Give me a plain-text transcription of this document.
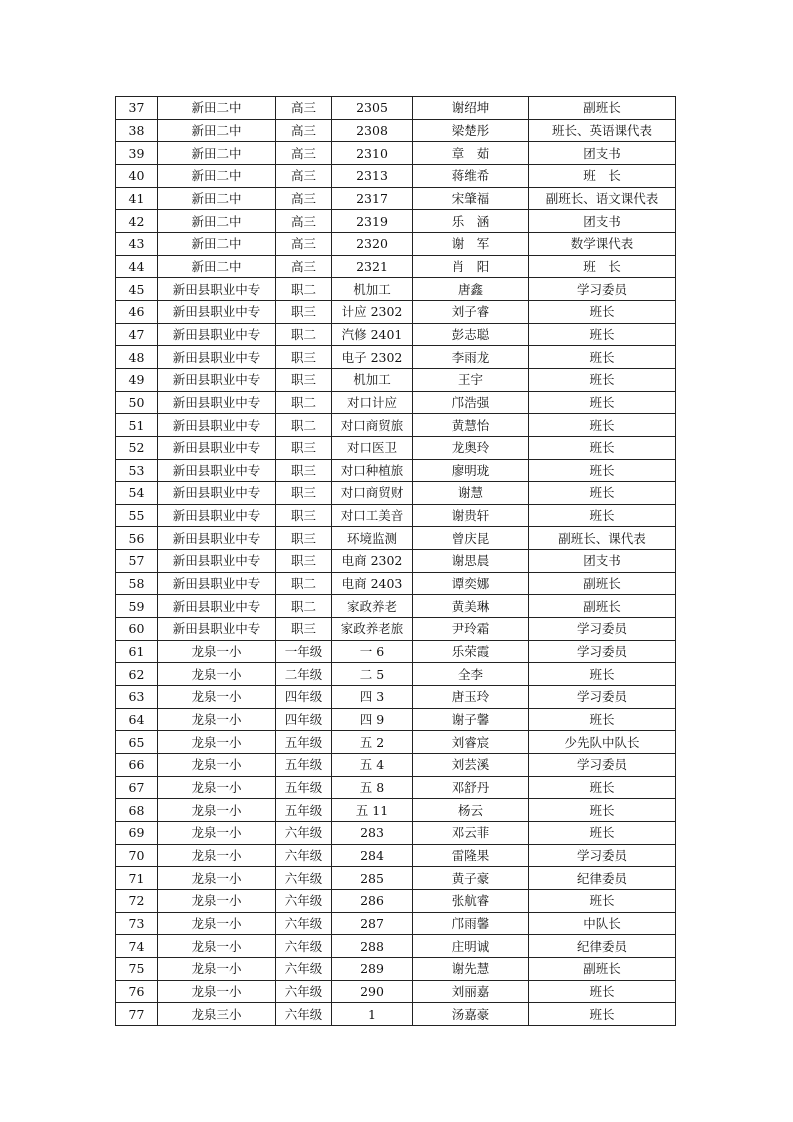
37	新田二中	高三	2305	谢绍坤	副班长
38	新田二中	高三	2308	梁楚彤	班长、英语课代表
39	新田二中	高三	2310	章　茹	团支书
40	新田二中	高三	2313	蒋维希	班　长
41	新田二中	高三	2317	宋肇福	副班长、语文课代表
42	新田二中	高三	2319	乐　涵	团支书
43	新田二中	高三	2320	谢　军	数学课代表
44	新田二中	高三	2321	肖　阳	班　长
45	新田县职业中专	职二	机加工	唐鑫	学习委员
46	新田县职业中专	职三	计应 2302	刘子睿	班长
47	新田县职业中专	职二	汽修 2401	彭志聪	班长
48	新田县职业中专	职三	电子 2302	李雨龙	班长
49	新田县职业中专	职三	机加工	王宇	班长
50	新田县职业中专	职二	对口计应	邝浩强	班长
51	新田县职业中专	职二	对口商贸旅	黄慧怡	班长
52	新田县职业中专	职三	对口医卫	龙奥玲	班长
53	新田县职业中专	职三	对口种植旅	廖明珑	班长
54	新田县职业中专	职三	对口商贸财	谢慧	班长
55	新田县职业中专	职三	对口工美音	谢贵轩	班长
56	新田县职业中专	职三	环境监测	曾庆昆	副班长、课代表
57	新田县职业中专	职三	电商 2302	谢思晨	团支书
58	新田县职业中专	职二	电商 2403	谭奕娜	副班长
59	新田县职业中专	职二	家政养老	黄美琳	副班长
60	新田县职业中专	职三	家政养老旅	尹玲霜	学习委员
61	龙泉一小	一年级	一 6	乐荣霞	学习委员
62	龙泉一小	二年级	二 5	全李	班长
63	龙泉一小	四年级	四 3	唐玉玲	学习委员
64	龙泉一小	四年级	四 9	谢子馨	班长
65	龙泉一小	五年级	五 2	刘睿宸	少先队中队长
66	龙泉一小	五年级	五 4	刘芸溪	学习委员
67	龙泉一小	五年级	五 8	邓舒丹	班长
68	龙泉一小	五年级	五 11	杨云	班长
69	龙泉一小	六年级	283	邓云菲	班长
70	龙泉一小	六年级	284	雷隆果	学习委员
71	龙泉一小	六年级	285	黄子豪	纪律委员
72	龙泉一小	六年级	286	张航睿	班长
73	龙泉一小	六年级	287	邝雨馨	中队长
74	龙泉一小	六年级	288	庄明诚	纪律委员
75	龙泉一小	六年级	289	谢先慧	副班长
76	龙泉一小	六年级	290	刘丽嘉	班长
77	龙泉三小	六年级	1	汤嘉豪	班长
